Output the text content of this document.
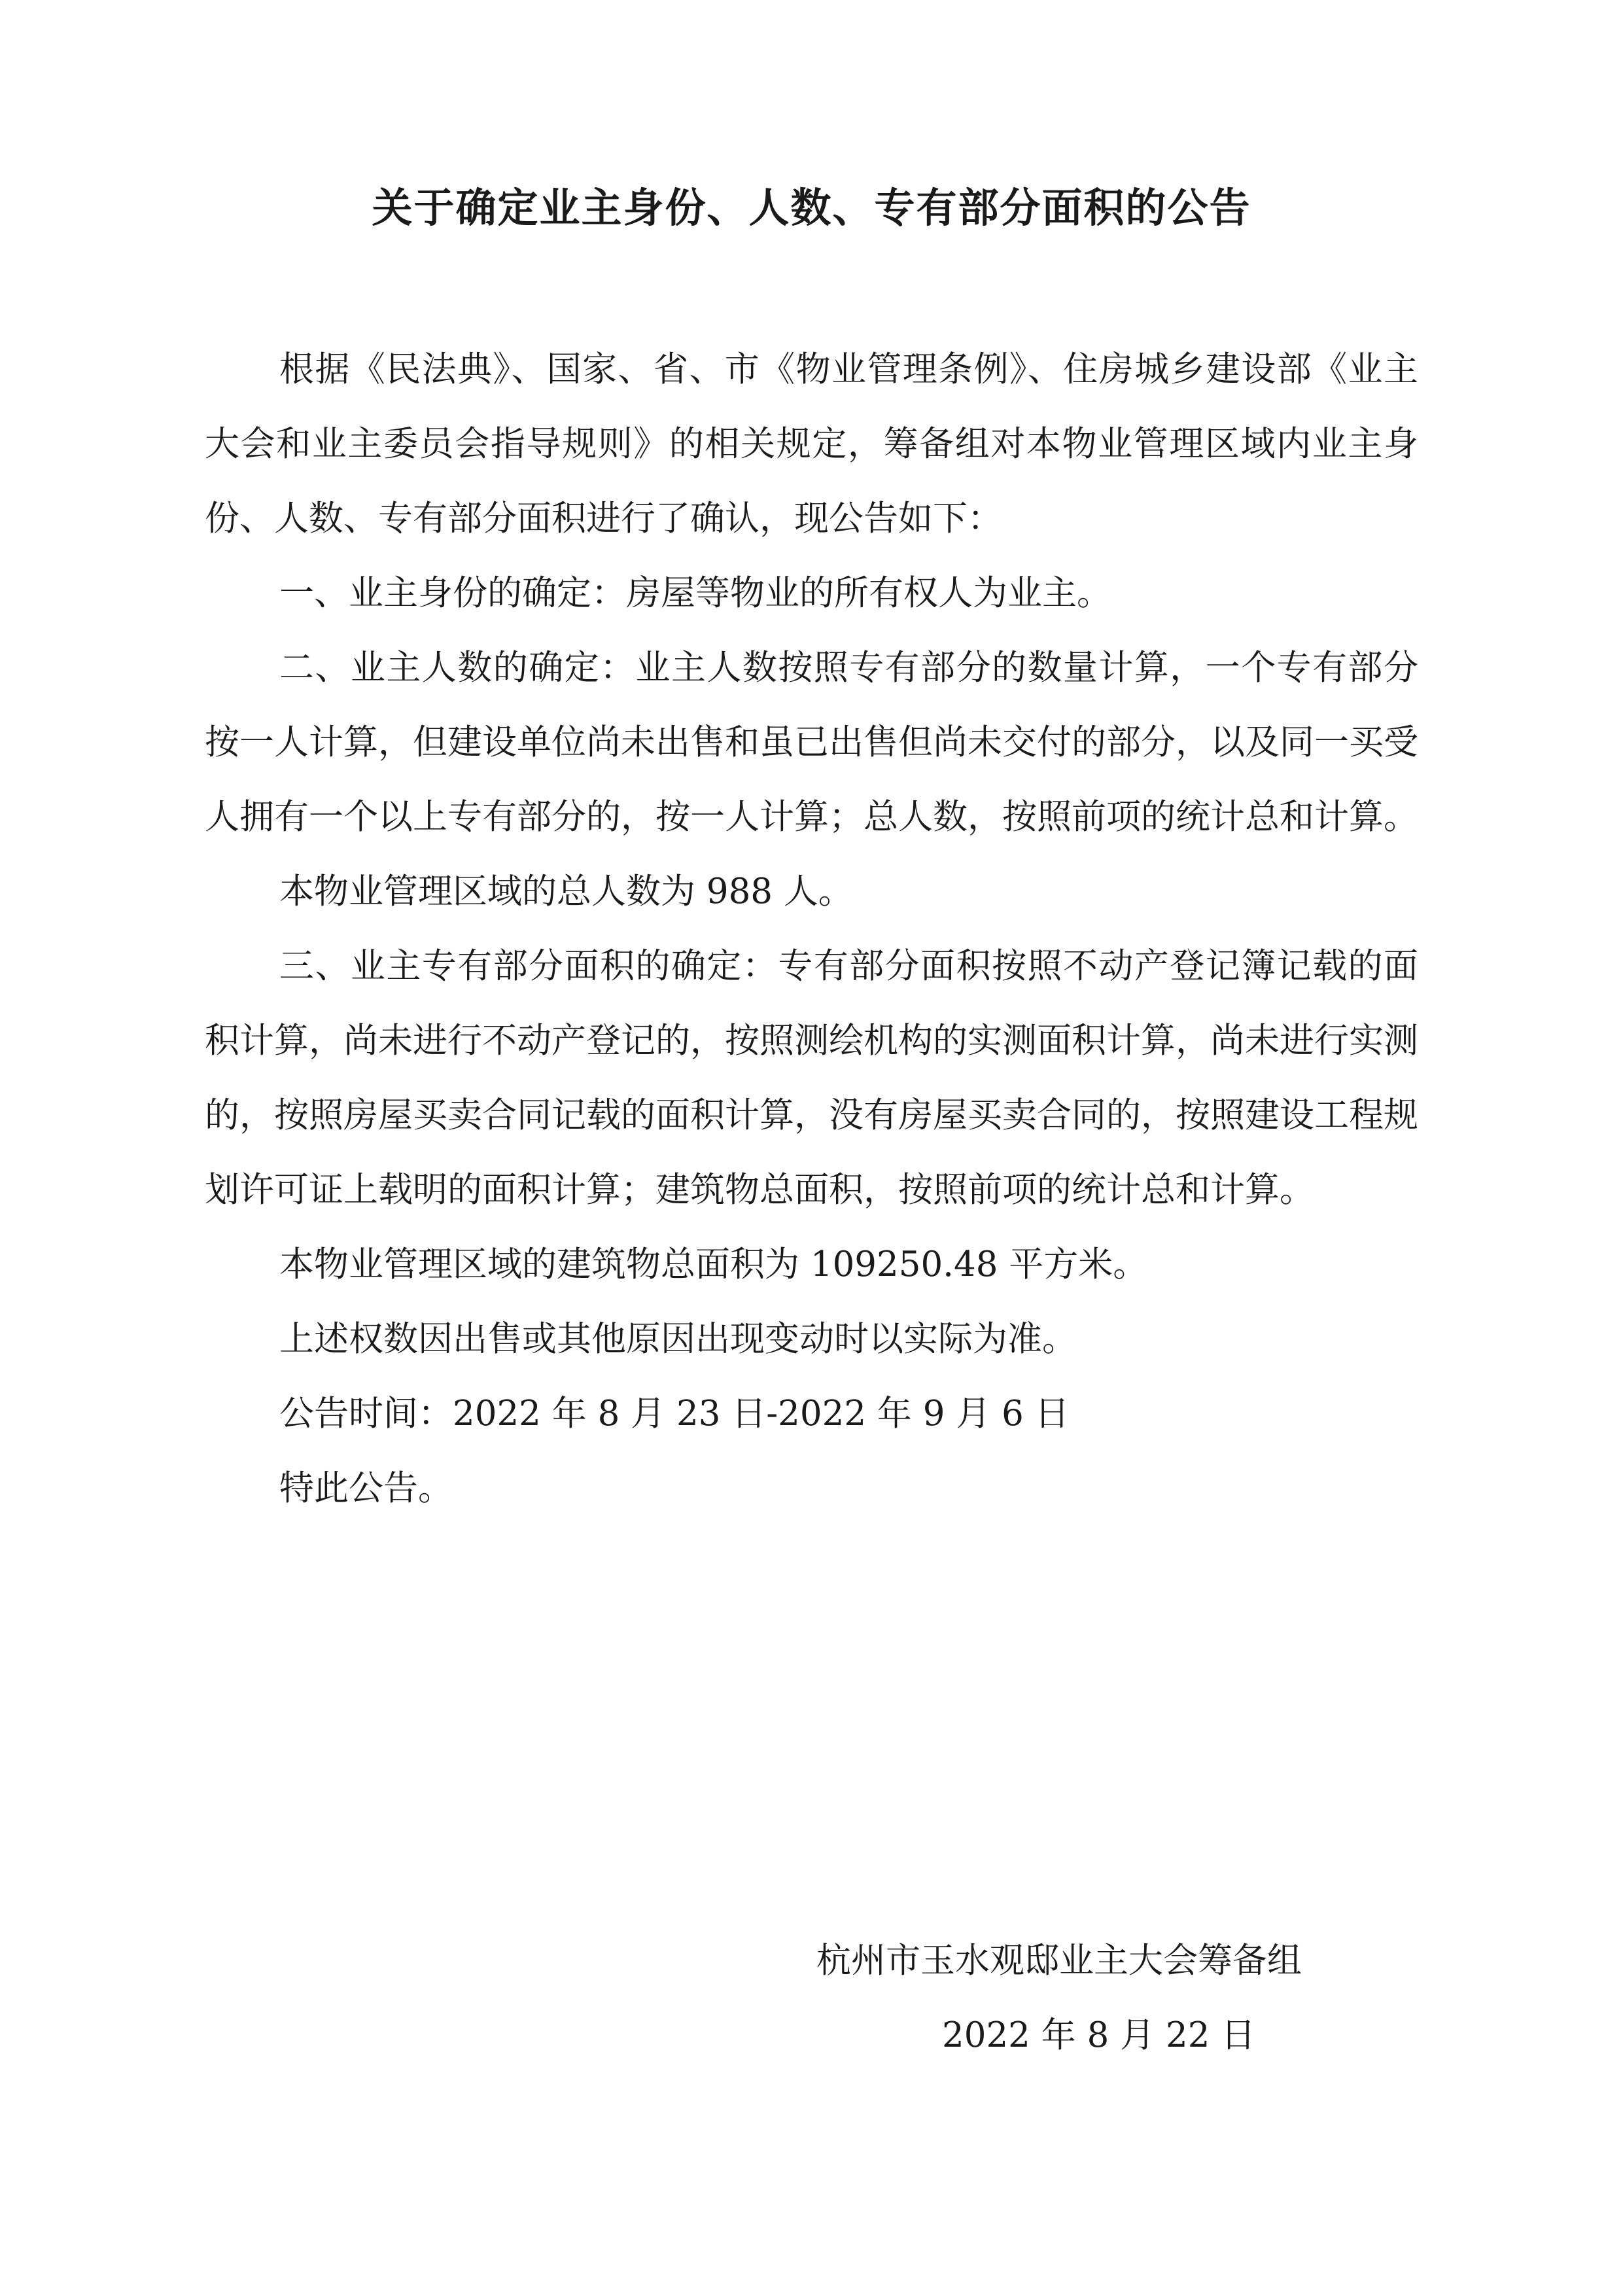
关于确定业主身份、人数、专有部分面积的公告

根据《民法典》、国家、省、市《物业管理条例》、住房城乡建设部《业主大会和业主委员会指导规则》的相关规定，筹备组对本物业管理区域内业主身份、人数、专有部分面积进行了确认，现公告如下：

一、业主身份的确定：房屋等物业的所有权人为业主。

二、业主人数的确定：业主人数按照专有部分的数量计算，一个专有部分按一人计算，但建设单位尚未出售和虽已出售但尚未交付的部分，以及同一买受人拥有一个以上专有部分的，按一人计算；总人数，按照前项的统计总和计算。

本物业管理区域的总人数为 988 人。

三、业主专有部分面积的确定：专有部分面积按照不动产登记簿记载的面积计算，尚未进行不动产登记的，按照测绘机构的实测面积计算，尚未进行实测的，按照房屋买卖合同记载的面积计算，没有房屋买卖合同的，按照建设工程规划许可证上载明的面积计算；建筑物总面积，按照前项的统计总和计算。

本物业管理区域的建筑物总面积为 109250.48 平方米。

上述权数因出售或其他原因出现变动时以实际为准。

公告时间：2022 年 8 月 23 日-2022 年 9 月 6 日

特此公告。

杭州市玉水观邸业主大会筹备组

2022 年 8 月 22 日
